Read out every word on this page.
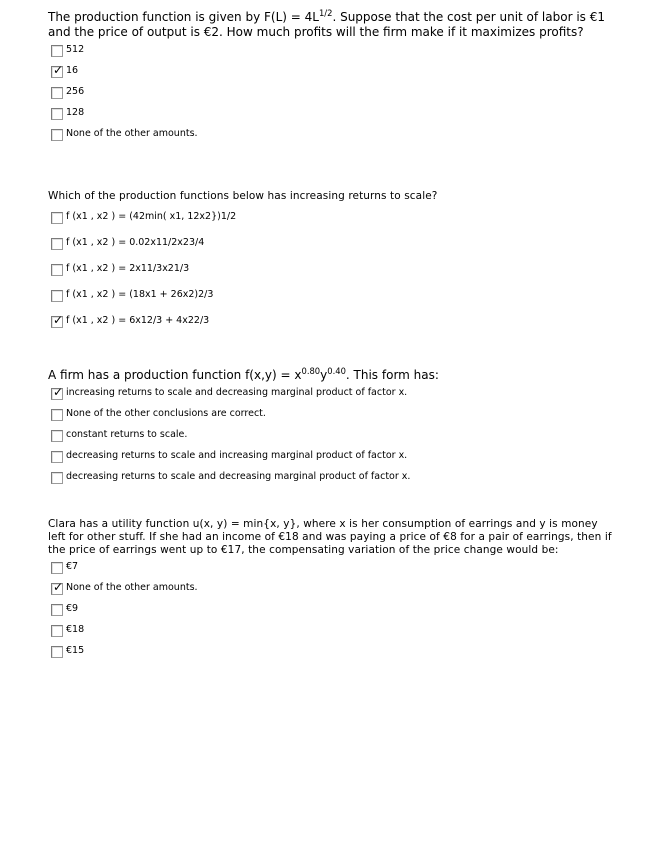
The production function is given by $F(L) = 4L^{1/2}$. Suppose that the cost per unit of labor is €1 and the price of output is €2. How much profits will the firm make if it maximizes profits?

512
✓ 16
256
128
None of the other amounts.

Which of the production functions below has increasing returns to scale?

f (x1 , x2 ) = (42min( x1, 12x2})1/2
f (x1 , x2 ) = 0.02x11/2x23/4
f (x1 , x2 ) = 2x11/3x21/3
f (x1 , x2 ) = (18x1 + 26x2)2/3
✓ f (x1 , x2 ) = 6x12/3 + 4x22/3

A firm has a production function $f(x,y) = x^{0.80}y^{0.40}$. This form has:

✓ increasing returns to scale and decreasing marginal product of factor x.
None of the other conclusions are correct.
constant returns to scale.
decreasing returns to scale and increasing marginal product of factor x.
decreasing returns to scale and decreasing marginal product of factor x.

Clara has a utility function u(x, y) = min{x, y}, where x is her consumption of earrings and y is money left for other stuff. If she had an income of €18 and was paying a price of €8 for a pair of earrings, then if the price of earrings went up to €17, the compensating variation of the price change would be:

€7
✓ None of the other amounts.
€9
€18
€15
